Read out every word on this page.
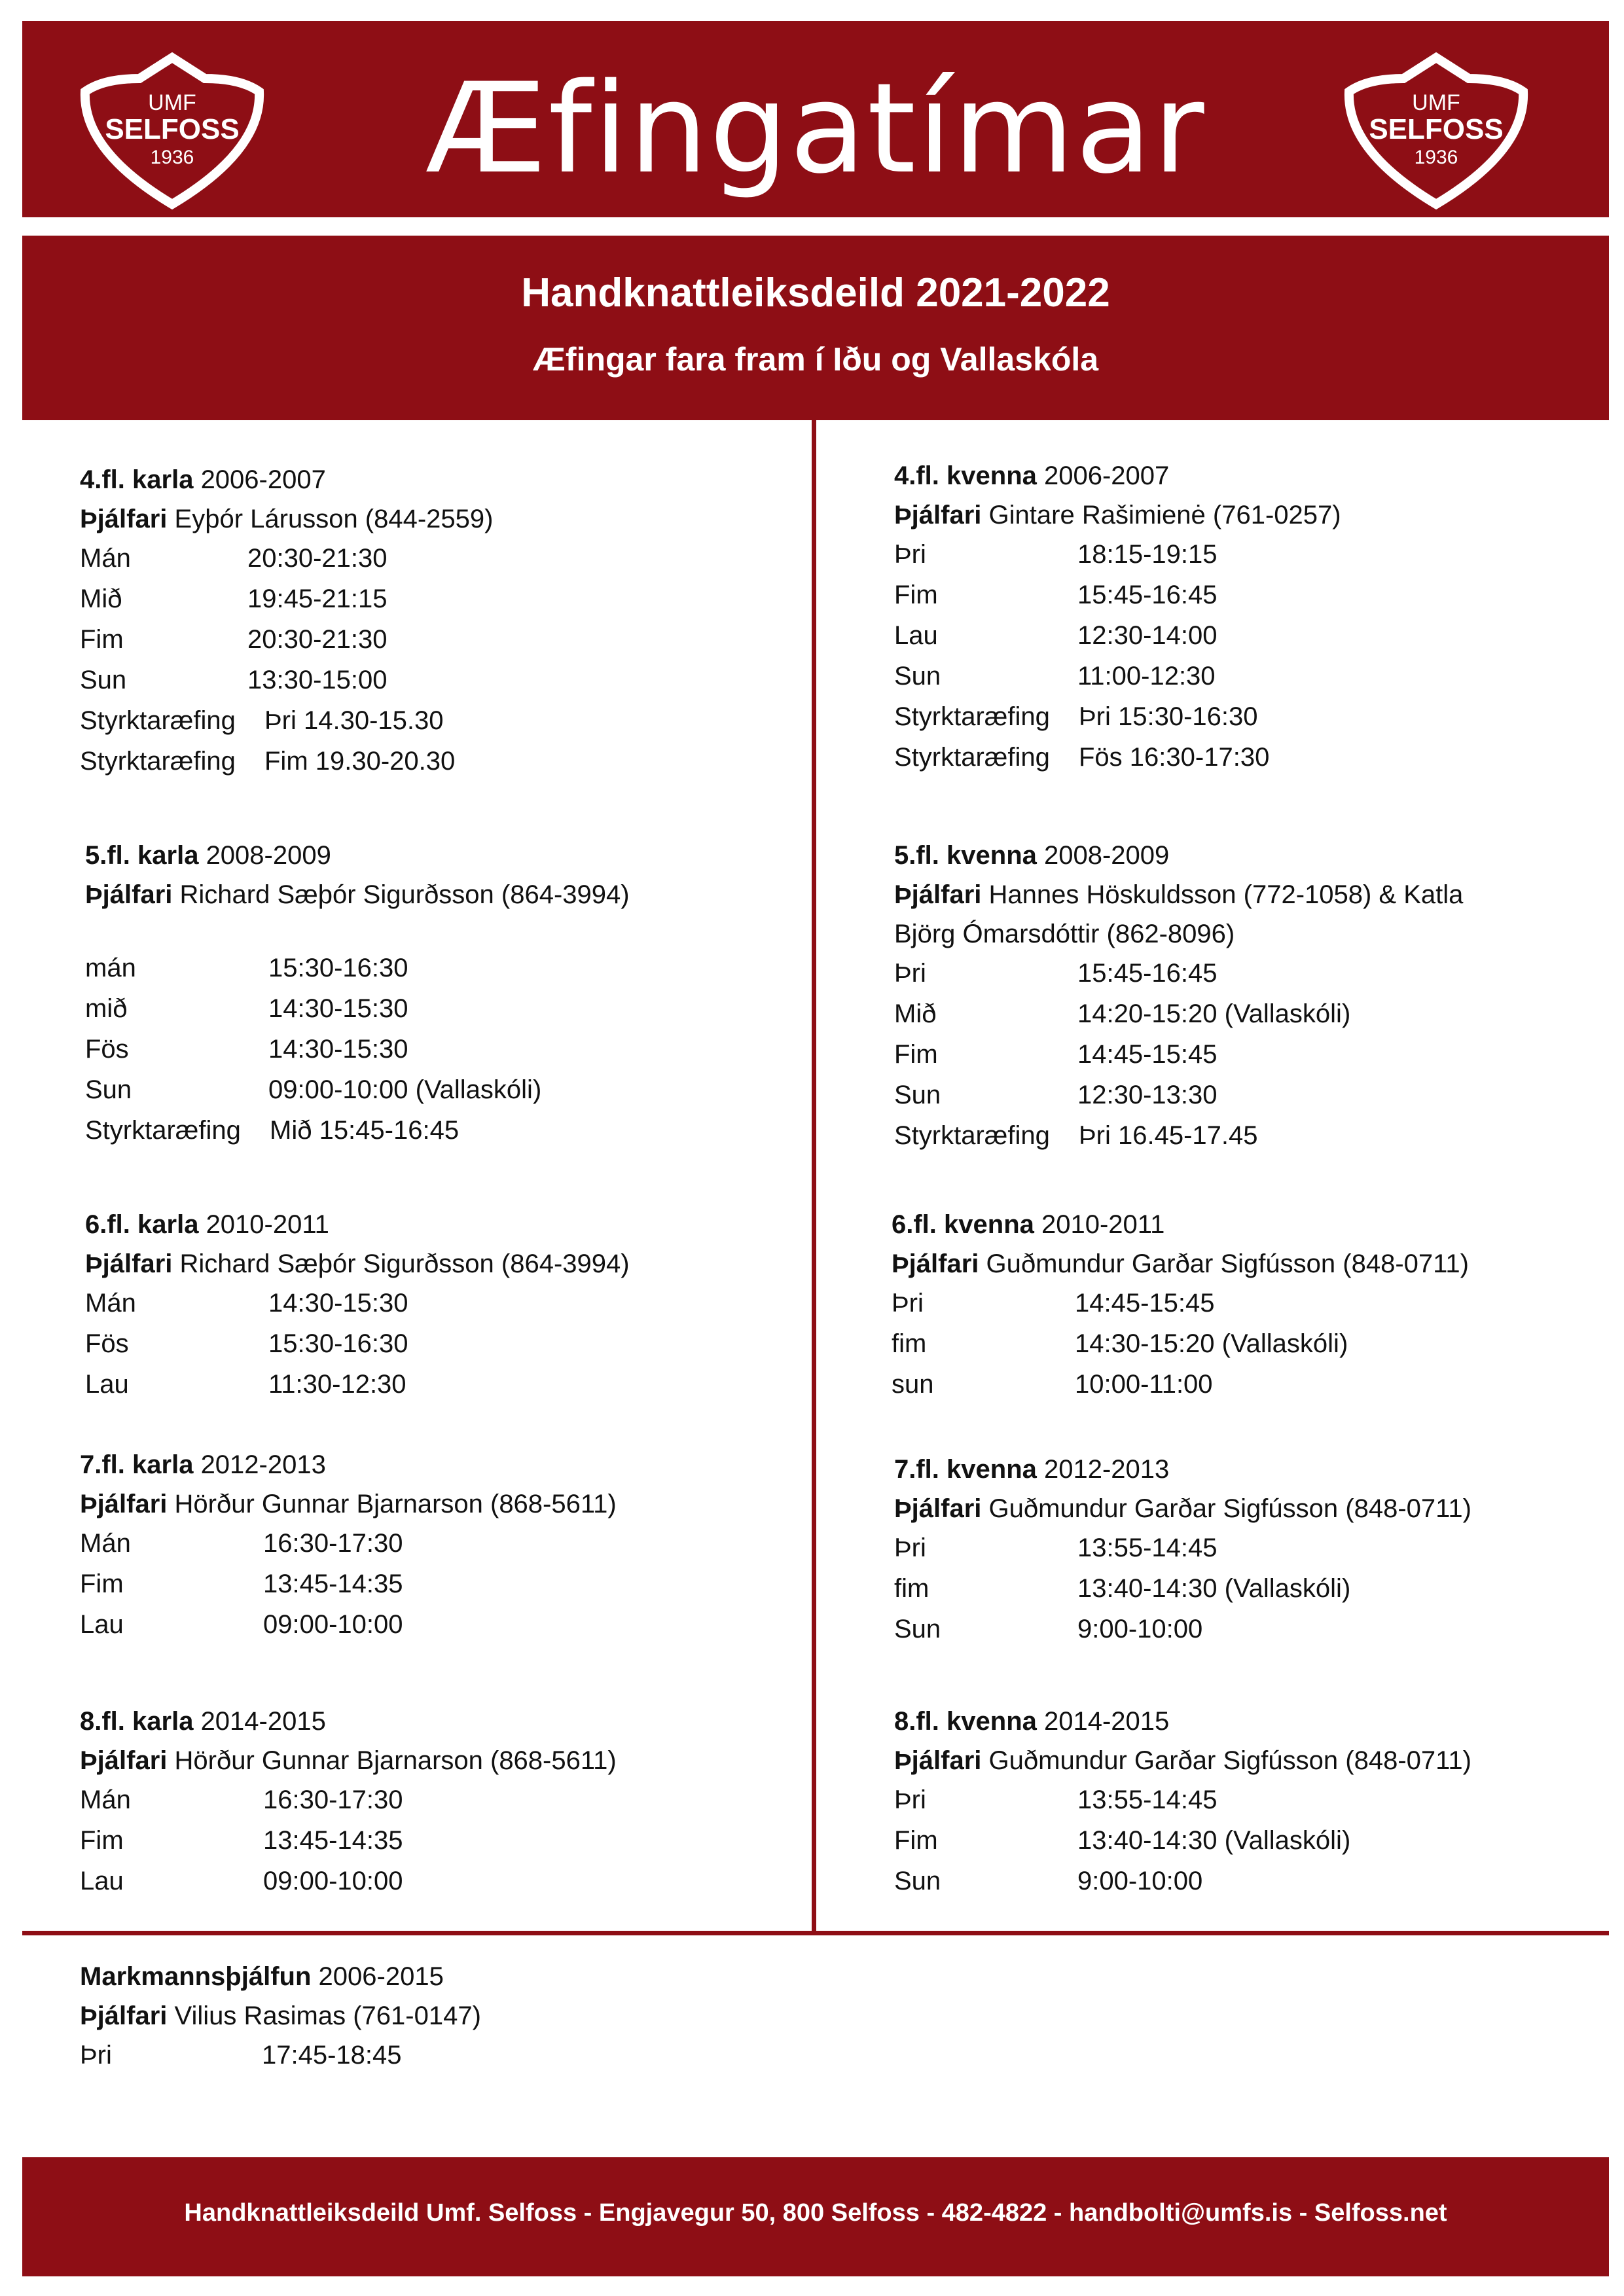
UMF
SELFOSS
1936	Æfingatímar	UMF
SELFOSS
1936
Handknattleiksdeild 2021-2022
Æfingar fara fram í Iðu og Vallaskóla
4.fl. karla 2006-2007
Þjálfari Eyþór Lárusson (844-2559)
Mán	20:30-21:30
Mið	19:45-21:15
Fim	20:30-21:30
Sun	13:30-15:00
Styrktaræfing Þri 14.30-15.30
Styrktaræfing Fim 19.30-20.30
5.fl. karla 2008-2009
Þjálfari Richard Sæþór Sigurðsson (864-3994)
mán	15:30-16:30
mið	14:30-15:30
Fös	14:30-15:30
Sun	09:00-10:00 (Vallaskóli)
Styrktaræfing Mið 15:45-16:45
6.fl. karla 2010-2011
Þjálfari Richard Sæþór Sigurðsson (864-3994)
Mán	14:30-15:30
Fös	15:30-16:30
Lau	11:30-12:30
7.fl. karla 2012-2013
Þjálfari Hörður Gunnar Bjarnarson (868-5611)
Mán	16:30-17:30
Fim	13:45-14:35
Lau	09:00-10:00
8.fl. karla 2014-2015
Þjálfari Hörður Gunnar Bjarnarson (868-5611)
Mán	16:30-17:30
Fim	13:45-14:35
Lau	09:00-10:00
4.fl. kvenna 2006-2007
Þjálfari Gintare Rašimienė (761-0257)
Þri	18:15-19:15
Fim	15:45-16:45
Lau	12:30-14:00
Sun	11:00-12:30
Styrktaræfing Þri 15:30-16:30
Styrktaræfing Fös 16:30-17:30
5.fl. kvenna 2008-2009
Þjálfari Hannes Höskuldsson (772-1058) & Katla
Björg Ómarsdóttir (862-8096)
Þri	15:45-16:45
Mið	14:20-15:20 (Vallaskóli)
Fim	14:45-15:45
Sun	12:30-13:30
Styrktaræfing Þri 16.45-17.45
6.fl. kvenna 2010-2011
Þjálfari Guðmundur Garðar Sigfússon (848-0711)
Þri	14:45-15:45
fim	14:30-15:20 (Vallaskóli)
sun	10:00-11:00
7.fl. kvenna 2012-2013
Þjálfari Guðmundur Garðar Sigfússon (848-0711)
Þri	13:55-14:45
fim	13:40-14:30 (Vallaskóli)
Sun	9:00-10:00
8.fl. kvenna 2014-2015
Þjálfari Guðmundur Garðar Sigfússon (848-0711)
Þri	13:55-14:45
Fim	13:40-14:30 (Vallaskóli)
Sun	9:00-10:00
Markmannsþjálfun 2006-2015
Þjálfari Vilius Rasimas (761-0147)
Þri	17:45-18:45
Handknattleiksdeild Umf. Selfoss - Engjavegur 50, 800 Selfoss - 482-4822 - handbolti@umfs.is - Selfoss.net
